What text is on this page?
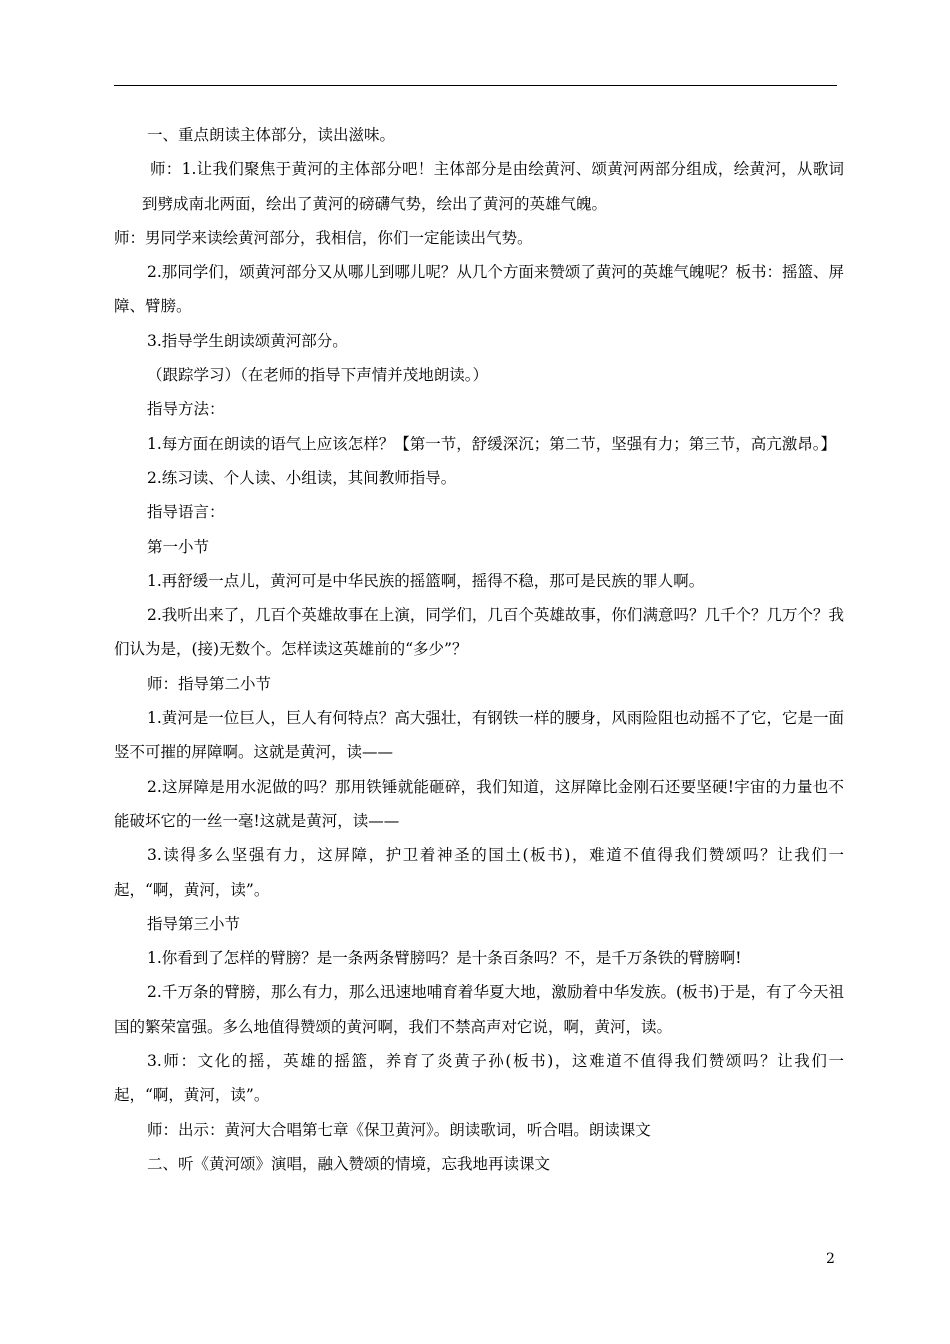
一、重点朗读主体部分，读出滋味。

师：1.让我们聚焦于黄河的主体部分吧！主体部分是由绘黄河、颂黄河两部分组成，绘黄河，从歌词到劈成南北两面，绘出了黄河的磅礴气势，绘出了黄河的英雄气魄。

师：男同学来读绘黄河部分，我相信，你们一定能读出气势。

2.那同学们，颂黄河部分又从哪儿到哪儿呢？从几个方面来赞颂了黄河的英雄气魄呢？板书：摇篮、屏障、臂膀。

3.指导学生朗读颂黄河部分。

（跟踪学习）（在老师的指导下声情并茂地朗读。）

指导方法：

1.每方面在朗读的语气上应该怎样？【第一节，舒缓深沉；第二节，坚强有力；第三节，高亢激昂。】

2.练习读、个人读、小组读，其间教师指导。

指导语言：

第一小节

1.再舒缓一点儿，黄河可是中华民族的摇篮啊，摇得不稳，那可是民族的罪人啊。

2.我听出来了，几百个英雄故事在上演，同学们，几百个英雄故事，你们满意吗？几千个？几万个？我们认为是，(接)无数个。怎样读这英雄前的“多少”？

师：指导第二小节

1.黄河是一位巨人，巨人有何特点？高大强壮，有钢铁一样的腰身，风雨险阻也动摇不了它，它是一面竖不可摧的屏障啊。这就是黄河，读——

2.这屏障是用水泥做的吗？那用铁锤就能砸碎，我们知道，这屏障比金刚石还要坚硬!宇宙的力量也不能破坏它的一丝一毫!这就是黄河，读——

3.读得多么坚强有力，这屏障，护卫着神圣的国土(板书)，难道不值得我们赞颂吗？让我们一起，“啊，黄河，读”。

指导第三小节

1.你看到了怎样的臂膀？是一条两条臂膀吗？是十条百条吗？不，是千万条铁的臂膀啊!

2.千万条的臂膀，那么有力，那么迅速地哺育着华夏大地，激励着中华发族。(板书)于是，有了今天祖国的繁荣富强。多么地值得赞颂的黄河啊，我们不禁高声对它说，啊，黄河，读。

3.师：文化的摇，英雄的摇篮，养育了炎黄子孙(板书)，这难道不值得我们赞颂吗？让我们一起，“啊，黄河，读”。

师：出示：黄河大合唱第七章《保卫黄河》。朗读歌词，听合唱。朗读课文

二、听《黄河颂》演唱，融入赞颂的情境，忘我地再读课文

2
